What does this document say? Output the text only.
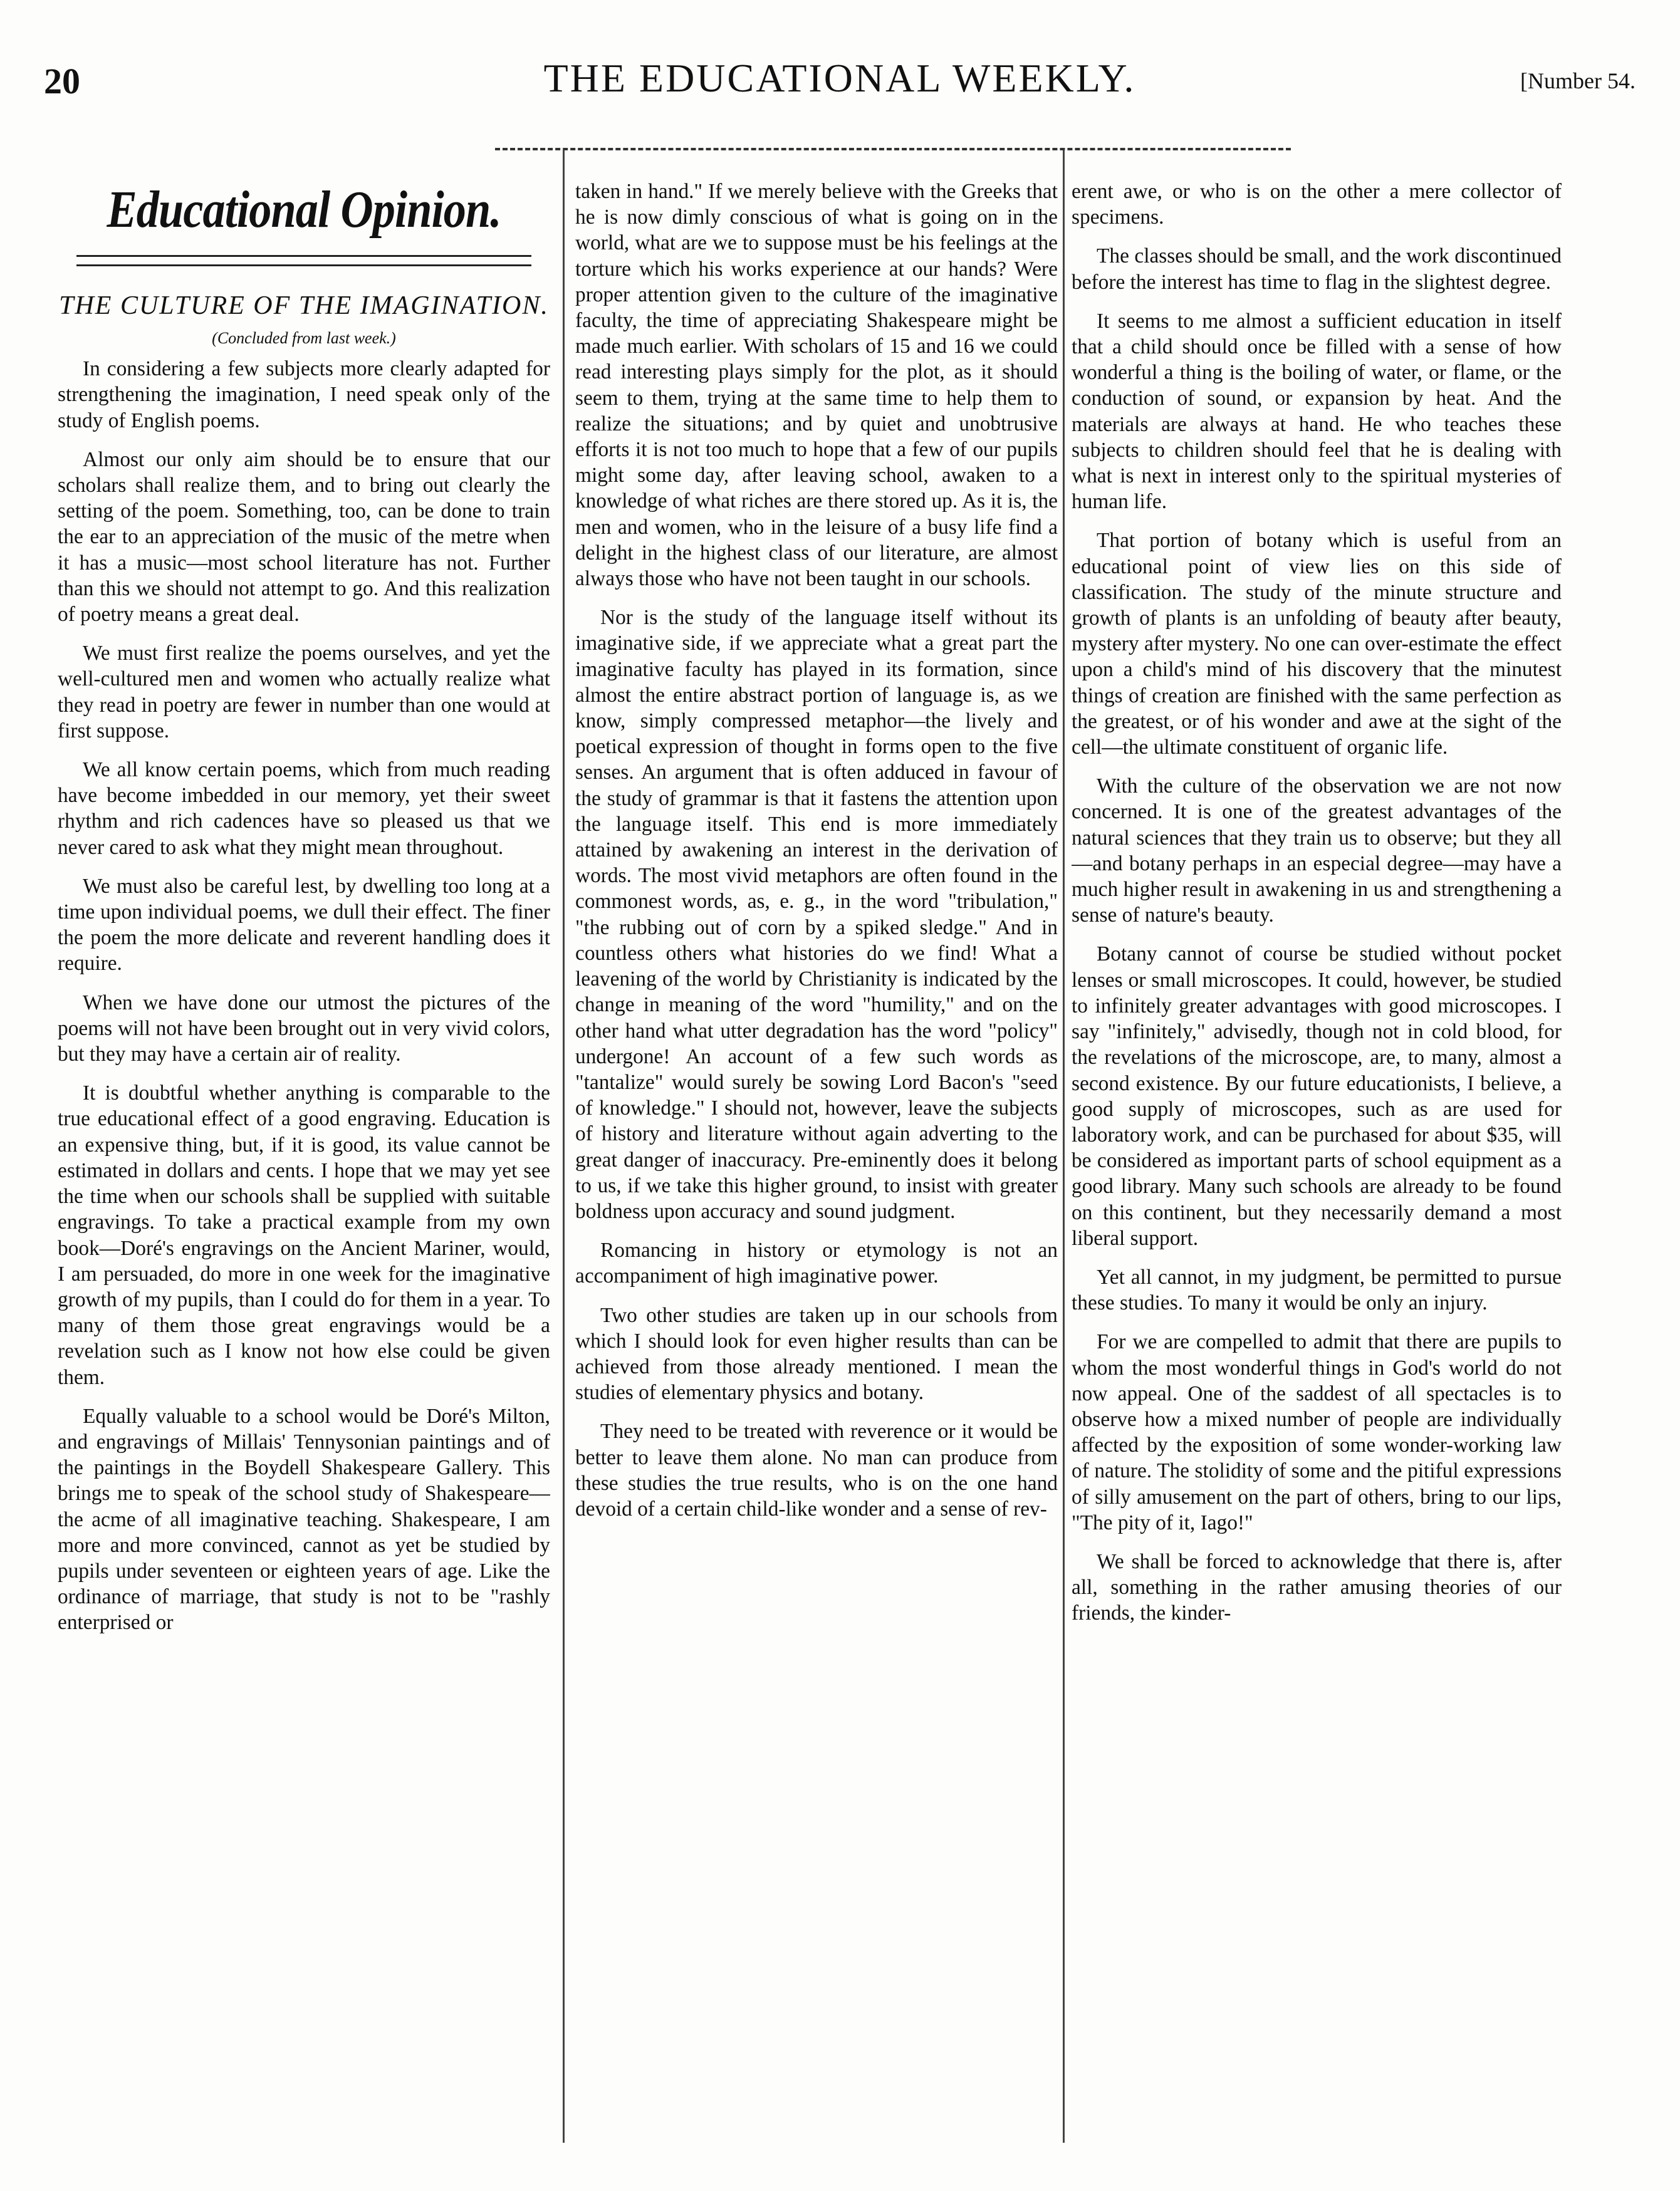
20	THE EDUCATIONAL WEEKLY.	[Number 54.
Educational Opinion.
THE CULTURE OF THE IMAGINATION.
(Concluded from last week.)

In considering a few subjects more clearly adapted for strengthening the imagination, I need speak only of the study of English poems.

Almost our only aim should be to ensure that our scholars shall realize them, and to bring out clearly the setting of the poem. Something, too, can be done to train the ear to an appreciation of the music of the metre when it has a music—most school literature has not. Further than this we should not attempt to go. And this realization of poetry means a great deal.

We must first realize the poems ourselves, and yet the well-cultured men and women who actually realize what they read in poetry are fewer in number than one would at first suppose.

We all know certain poems, which from much reading have become imbedded in our memory, yet their sweet rhythm and rich cadences have so pleased us that we never cared to ask what they might mean throughout.

We must also be careful lest, by dwelling too long at a time upon individual poems, we dull their effect. The finer the poem the more delicate and reverent handling does it require.

When we have done our utmost the pictures of the poems will not have been brought out in very vivid colors, but they may have a certain air of reality.

It is doubtful whether anything is comparable to the true educational effect of a good engraving. Education is an expensive thing, but, if it is good, its value cannot be estimated in dollars and cents. I hope that we may yet see the time when our schools shall be supplied with suitable engravings. To take a practical example from my own book—Doré's engravings on the Ancient Mariner, would, I am persuaded, do more in one week for the imaginative growth of my pupils, than I could do for them in a year. To many of them those great engravings would be a revelation such as I know not how else could be given them.

Equally valuable to a school would be Doré's Milton, and engravings of Millais' Tennysonian paintings and of the paintings in the Boydell Shakespeare Gallery. This brings me to speak of the school study of Shakespeare—the acme of all imaginative teaching. Shakespeare, I am more and more convinced, cannot as yet be studied by pupils under seventeen or eighteen years of age. Like the ordinance of marriage, that study is not to be "rashly enterprised or

taken in hand." If we merely believe with the Greeks that he is now dimly conscious of what is going on in the world, what are we to suppose must be his feelings at the torture which his works experience at our hands? Were proper attention given to the culture of the imaginative faculty, the time of appreciating Shakespeare might be made much earlier. With scholars of 15 and 16 we could read interesting plays simply for the plot, as it should seem to them, trying at the same time to help them to realize the situations; and by quiet and unobtrusive efforts it is not too much to hope that a few of our pupils might some day, after leaving school, awaken to a knowledge of what riches are there stored up. As it is, the men and women, who in the leisure of a busy life find a delight in the highest class of our literature, are almost always those who have not been taught in our schools.

Nor is the study of the language itself without its imaginative side, if we appreciate what a great part the imaginative faculty has played in its formation, since almost the entire abstract portion of language is, as we know, simply compressed metaphor—the lively and poetical expression of thought in forms open to the five senses. An argument that is often adduced in favour of the study of grammar is that it fastens the attention upon the language itself. This end is more immediately attained by awakening an interest in the derivation of words. The most vivid metaphors are often found in the commonest words, as, e. g., in the word "tribulation," "the rubbing out of corn by a spiked sledge." And in countless others what histories do we find! What a leavening of the world by Christianity is indicated by the change in meaning of the word "humility," and on the other hand what utter degradation has the word "policy" undergone! An account of a few such words as "tantalize" would surely be sowing Lord Bacon's "seed of knowledge." I should not, however, leave the subjects of history and literature without again adverting to the great danger of inaccuracy. Pre-eminently does it belong to us, if we take this higher ground, to insist with greater boldness upon accuracy and sound judgment.

Romancing in history or etymology is not an accompaniment of high imaginative power.

Two other studies are taken up in our schools from which I should look for even higher results than can be achieved from those already mentioned. I mean the studies of elementary physics and botany.

They need to be treated with reverence or it would be better to leave them alone. No man can produce from these studies the true results, who is on the one hand devoid of a certain child-like wonder and a sense of rev-

erent awe, or who is on the other a mere collector of specimens.

The classes should be small, and the work discontinued before the interest has time to flag in the slightest degree.

It seems to me almost a sufficient education in itself that a child should once be filled with a sense of how wonderful a thing is the boiling of water, or flame, or the conduction of sound, or expansion by heat. And the materials are always at hand. He who teaches these subjects to children should feel that he is dealing with what is next in interest only to the spiritual mysteries of human life.

That portion of botany which is useful from an educational point of view lies on this side of classification. The study of the minute structure and growth of plants is an unfolding of beauty after beauty, mystery after mystery. No one can over-estimate the effect upon a child's mind of his discovery that the minutest things of creation are finished with the same perfection as the greatest, or of his wonder and awe at the sight of the cell—the ultimate constituent of organic life.

With the culture of the observation we are not now concerned. It is one of the greatest advantages of the natural sciences that they train us to observe; but they all—and botany perhaps in an especial degree—may have a much higher result in awakening in us and strengthening a sense of nature's beauty.

Botany cannot of course be studied without pocket lenses or small microscopes. It could, however, be studied to infinitely greater advantages with good microscopes. I say "infinitely," advisedly, though not in cold blood, for the revelations of the microscope, are, to many, almost a second existence. By our future educationists, I believe, a good supply of microscopes, such as are used for laboratory work, and can be purchased for about $35, will be considered as important parts of school equipment as a good library. Many such schools are already to be found on this continent, but they necessarily demand a most liberal support.

Yet all cannot, in my judgment, be permitted to pursue these studies. To many it would be only an injury.

For we are compelled to admit that there are pupils to whom the most wonderful things in God's world do not now appeal. One of the saddest of all spectacles is to observe how a mixed number of people are individually affected by the exposition of some wonder-working law of nature. The stolidity of some and the pitiful expressions of silly amusement on the part of others, bring to our lips, "The pity of it, Iago!"

We shall be forced to acknowledge that there is, after all, something in the rather amusing theories of our friends, the kinder-
